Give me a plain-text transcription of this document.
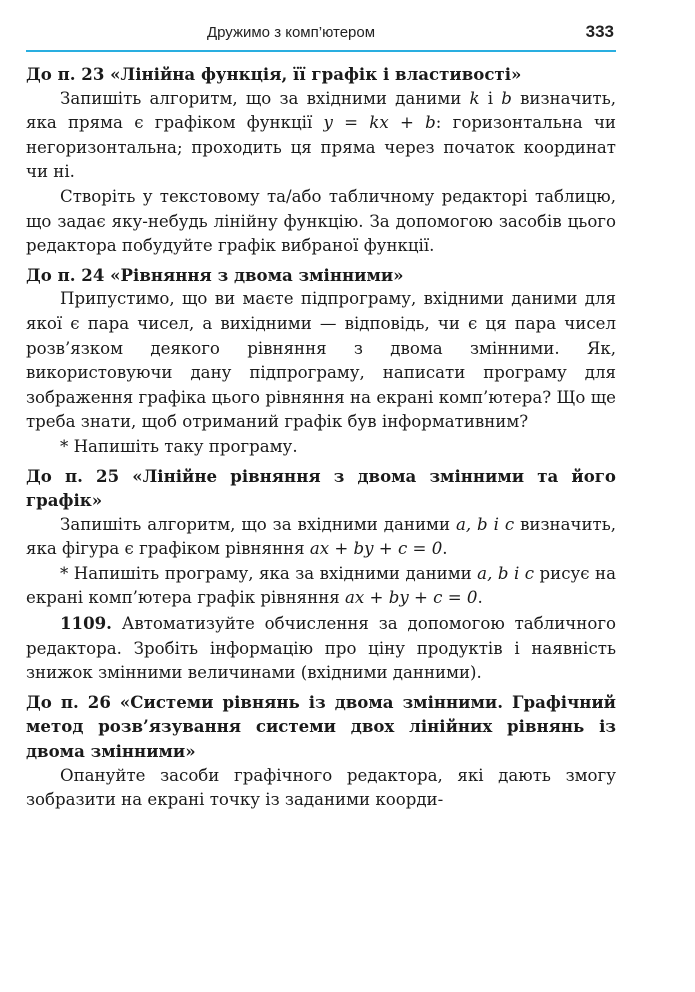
Дружимо з комп’ютером	333

До п. 23 «Лінійна функція, її графік і властивості»

Запишіть алгоритм, що за вхідними даними k і b визначить, яка пряма є графіком функції y = kx + b: горизонтальна чи негоризонтальна; проходить ця пряма через початок координат чи ні.

Створіть у текстовому та/або табличному редакторі таблицю, що задає яку-небудь лінійну функцію. За допомогою засобів цього редактора побудуйте графік вибраної функції.

До п. 24 «Рівняння з двома змінними»

Припустимо, що ви маєте підпрограму, вхідними даними для якої є пара чисел, а вихідними — відповідь, чи є ця пара чисел розв’язком деякого рівняння з двома змінними. Як, використовуючи дану підпрограму, написати програму для зображення графіка цього рівняння на екрані комп’ютера? Що ще треба знати, щоб отриманий графік був інформативним?

* Напишіть таку програму.

До п. 25 «Лінійне рівняння з двома змінними та його графік»

Запишіть алгоритм, що за вхідними даними a, b і c визначить, яка фігура є графіком рівняння ax + by + c = 0.

* Напишіть програму, яка за вхідними даними a, b і c рисує на екрані комп’ютера графік рівняння ax + by + c = 0.

1109. Автоматизуйте обчислення за допомогою табличного редактора. Зробіть інформацію про ціну продуктів і наявність знижок змінними величинами (вхідними данними).

До п. 26 «Системи рівнянь із двома змінними. Графічний метод розв’язування системи двох лінійних рівнянь із двома змінними»

Опануйте засоби графічного редактора, які дають змогу зобразити на екрані точку із заданими коорди-
